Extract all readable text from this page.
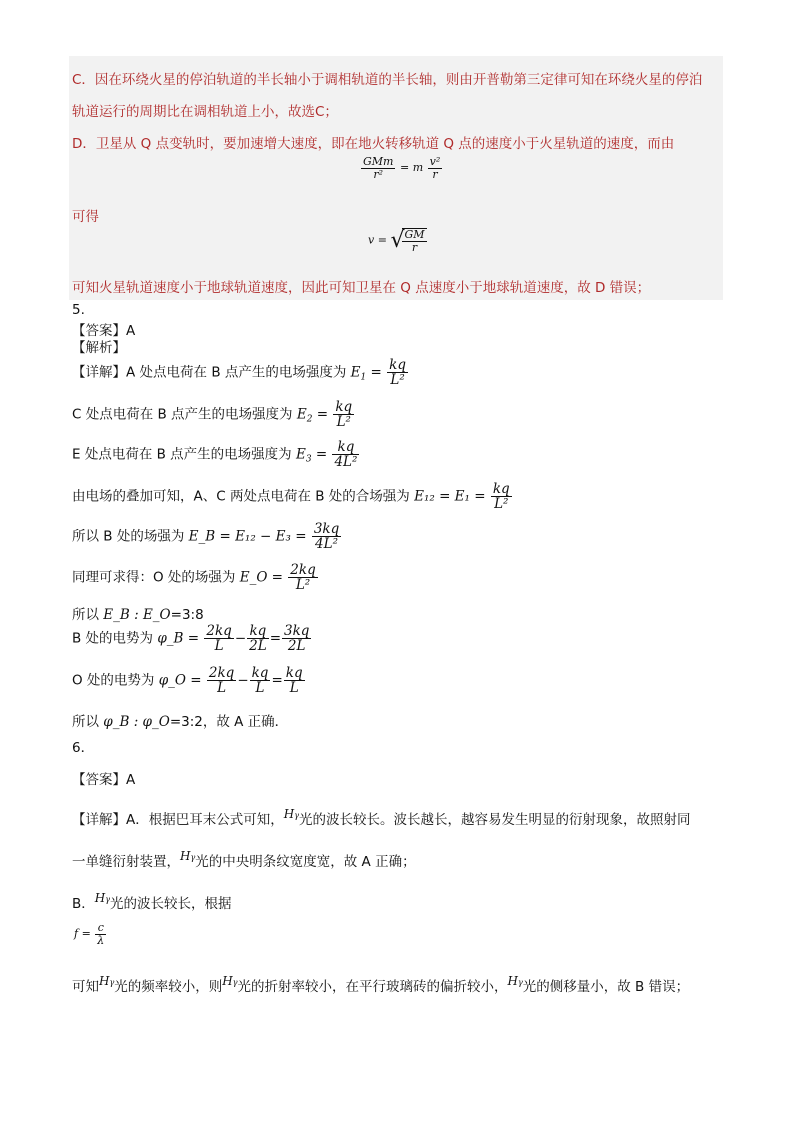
C．因在环绕火星的停泊轨道的半长轴小于调相轨道的半长轴，则由开普勒第三定律可知在环绕火星的停泊
轨道运行的周期比在调相轨道上小，故选C；
D．卫星从 Q 点变轨时，要加速增大速度，即在地火转移轨道 Q 点的速度小于火星轨道的速度，而由
$\frac{\text{GMm}}{\text{r²}} = m \frac{\text{v²}}{r}$
可得
v = √
$\frac{GM}{r}$
可知火星轨道速度小于地球轨道速度，因此可知卫星在 Q 点速度小于地球轨道速度，故 D 错误；
5.
【答案】A
【解析】
【详解】A 处点电荷在 B 点产生的电场强度为 $E_1 = \frac{kq}{\text{L²}}$
C 处点电荷在 B 点产生的电场强度为 $E_2 = \frac{kq}{\text{L²}}$
E 处点电荷在 B 点产生的电场强度为 $E_3 = \frac{kq}{\text{4L²}}$
由电场的叠加可知，A、C 两处点电荷在 B 处的合场强为 $E_{12} = E_1 = \frac{kq}{\text{L²}}$
所以 B 处的场强为 E_B = $E_{12} - E_3 = \frac{3kq}{\text{4L²}}$
同理可求得：O 处的场强为 E_O = $\frac{2kq}{\text{L²}}$
所以 E_B : E_O=3:8
B 处的电势为 φ_B = $\frac{2kq}{L} - \frac{kq}{2L} = \frac{3kq}{2L}$
O 处的电势为 φ_O = $\frac{2kq}{L} - \frac{kq}{L} = \frac{kq}{L}$
所以 φ_B : φ_O=3:2，故 A 正确．
6．
【答案】A
【详解】A．根据巴耳末公式可知，Hγ光的波长较长。波长越长，越容易发生明显的衍射现象，故照射同
一单缝衍射装置，Hγ光的中央明条纹宽度宽，故 A 正确；
B．Hγ光的波长较长，根据
$f = \frac{c}{\lambda}$
可知Hγ光的频率较小，则Hγ光的折射率较小，在平行玻璃砖的偏折较小，Hγ光的侧移量小，故 B 错误；
